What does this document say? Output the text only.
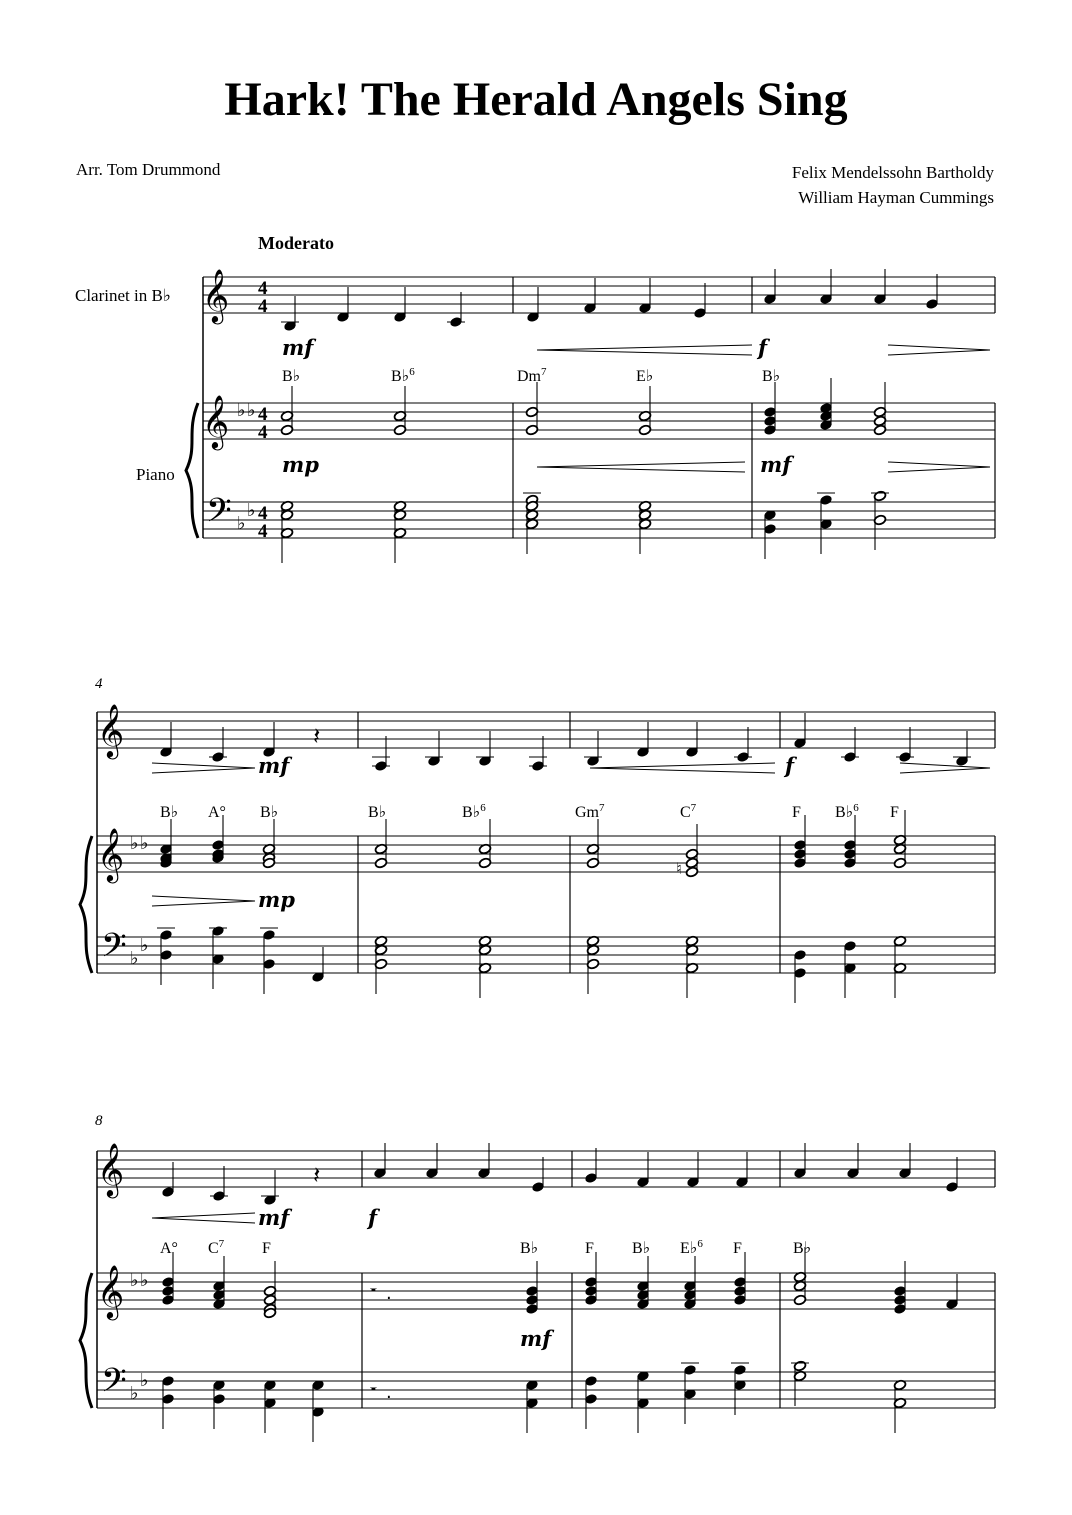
Hark! The Herald Angels Sing
Arr. Tom Drummond	Felix Mendelssohn Bartholdy
William Hayman Cummings
𝄞 4
4
𝄞 ♭ ♭ 4
4
𝄢 ♭
♭ 4
4
Moderato
Clarinet in B♭
Piano
mf	f
B♭	B♭$^6$	Dm$^7$	E♭	B♭
mp	mf
𝄞
𝄞 ♭ ♭
𝄢 ♭
♭
4
𝄽
mf	f
B♭ A° B♭	B♭	B♭$^6$	Gm$^7$	$C^7$	F B♭$^6$ F
♮
mp
𝄞
𝄞 ♭ ♭
𝄢 ♭
♭
8
𝄽
mf	f
A° $C^7$ F	B♭	F B♭ E♭$^6$ F	B♭
𝄻 .
mf
𝄻 .
